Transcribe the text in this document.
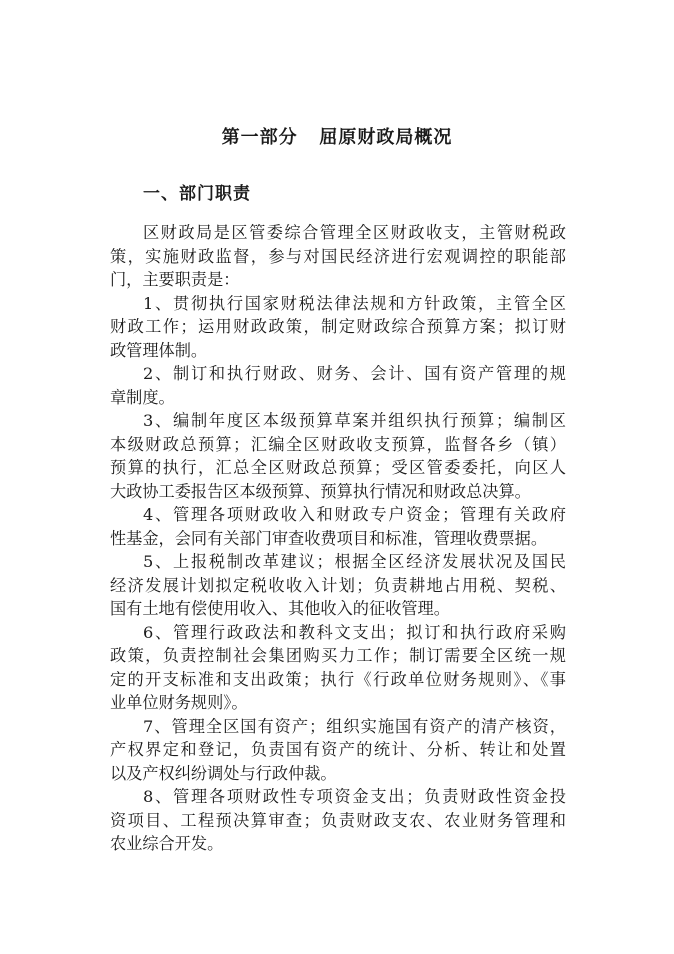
第一部分   屈原财政局概况
一、部门职责
区财政局是区管委综合管理全区财政收支，主管财税政
策，实施财政监督，参与对国民经济进行宏观调控的职能部
门，主要职责是：
1、贯彻执行国家财税法律法规和方针政策，主管全区
财政工作；运用财政政策，制定财政综合预算方案；拟订财
政管理体制。
2、制订和执行财政、财务、会计、国有资产管理的规
章制度。
3、编制年度区本级预算草案并组织执行预算；编制区
本级财政总预算；汇编全区财政收支预算，监督各乡（镇）
预算的执行，汇总全区财政总预算；受区管委委托，向区人
大政协工委报告区本级预算、预算执行情况和财政总决算。
4、管理各项财政收入和财政专户资金；管理有关政府
性基金，会同有关部门审查收费项目和标准，管理收费票据。
5、上报税制改革建议；根据全区经济发展状况及国民
经济发展计划拟定税收收入计划；负责耕地占用税、契税、
国有土地有偿使用收入、其他收入的征收管理。
6、管理行政政法和教科文支出；拟订和执行政府采购
政策，负责控制社会集团购买力工作；制订需要全区统一规
定的开支标准和支出政策；执行《行政单位财务规则》、《事
业单位财务规则》。
7、管理全区国有资产；组织实施国有资产的清产核资，
产权界定和登记，负责国有资产的统计、分析、转让和处置
以及产权纠纷调处与行政仲裁。
8、管理各项财政性专项资金支出；负责财政性资金投
资项目、工程预决算审查；负责财政支农、农业财务管理和
农业综合开发。
